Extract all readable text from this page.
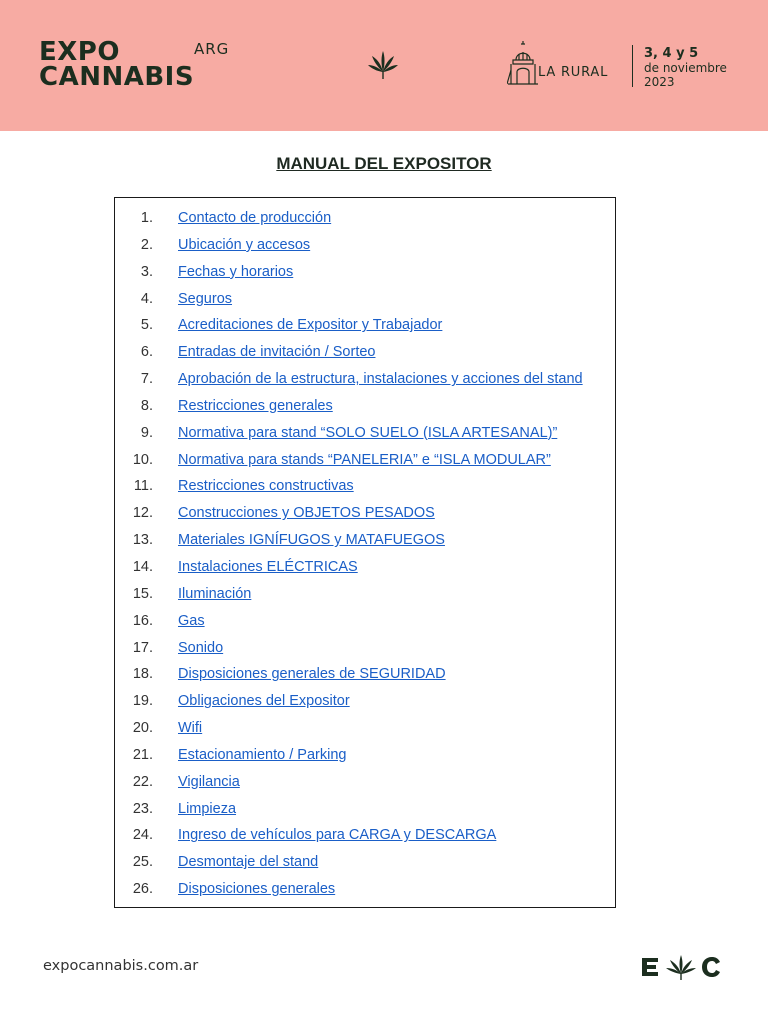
EXPO
CANNABIS
ARG
LA RURAL
3, 4 y 5
de noviembre
2023
MANUAL DEL EXPOSITOR
1. Contacto de producción
2. Ubicación y accesos
3. Fechas y horarios
4. Seguros
5. Acreditaciones de Expositor y Trabajador
6. Entradas de invitación / Sorteo
7. Aprobación de la estructura, instalaciones y acciones del stand
8. Restricciones generales
9. Normativa para stand “SOLO SUELO (ISLA ARTESANAL)”
10. Normativa para stands “PANELERIA” e “ISLA MODULAR”
11. Restricciones constructivas
12. Construcciones y OBJETOS PESADOS
13. Materiales IGNÍFUGOS y MATAFUEGOS
14. Instalaciones ELÉCTRICAS
15. Iluminación
16. Gas
17. Sonido
18. Disposiciones generales de SEGURIDAD
19. Obligaciones del Expositor
20. Wifi
21. Estacionamiento / Parking
22. Vigilancia
23. Limpieza
24. Ingreso de vehículos para CARGA y DESCARGA
25. Desmontaje del stand
26. Disposiciones generales
expocannabis.com.ar
